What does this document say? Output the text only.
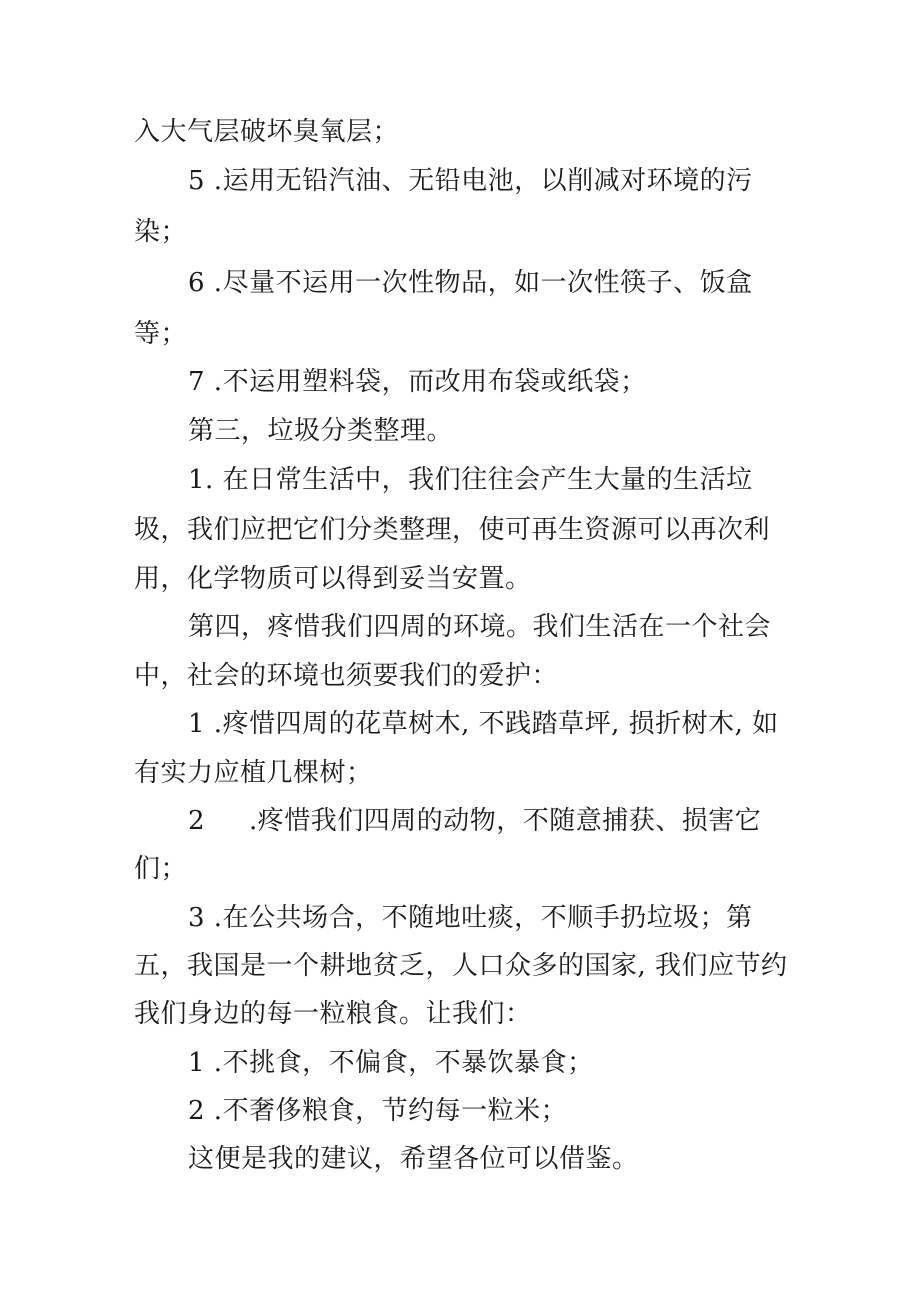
入大气层破坏臭氧层；
5 .运用无铅汽油、无铅电池，以削减对环境的污
染；
6 .尽量不运用一次性物品，如一次性筷子、饭盒
等；
7 .不运用塑料袋，而改用布袋或纸袋；
第三，垃圾分类整理。
1. 在日常生活中，我们往往会产生大量的生活垃
圾，我们应把它们分类整理，使可再生资源可以再次利
用，化学物质可以得到妥当安置。
第四，疼惜我们四周的环境。我们生活在一个社会
中，社会的环境也须要我们的爱护：
1 .疼惜四周的花草树木, 不践踏草坪, 损折树木, 如
有实力应植几棵树；
2 .疼惜我们四周的动物，不随意捕获、损害它
们；
3 .在公共场合，不随地吐痰，不顺手扔垃圾；第
五，我国是一个耕地贫乏，人口众多的国家, 我们应节约
我们身边的每一粒粮食。让我们：
1 .不挑食，不偏食，不暴饮暴食；
2 .不奢侈粮食，节约每一粒米；
这便是我的建议，希望各位可以借鉴。
